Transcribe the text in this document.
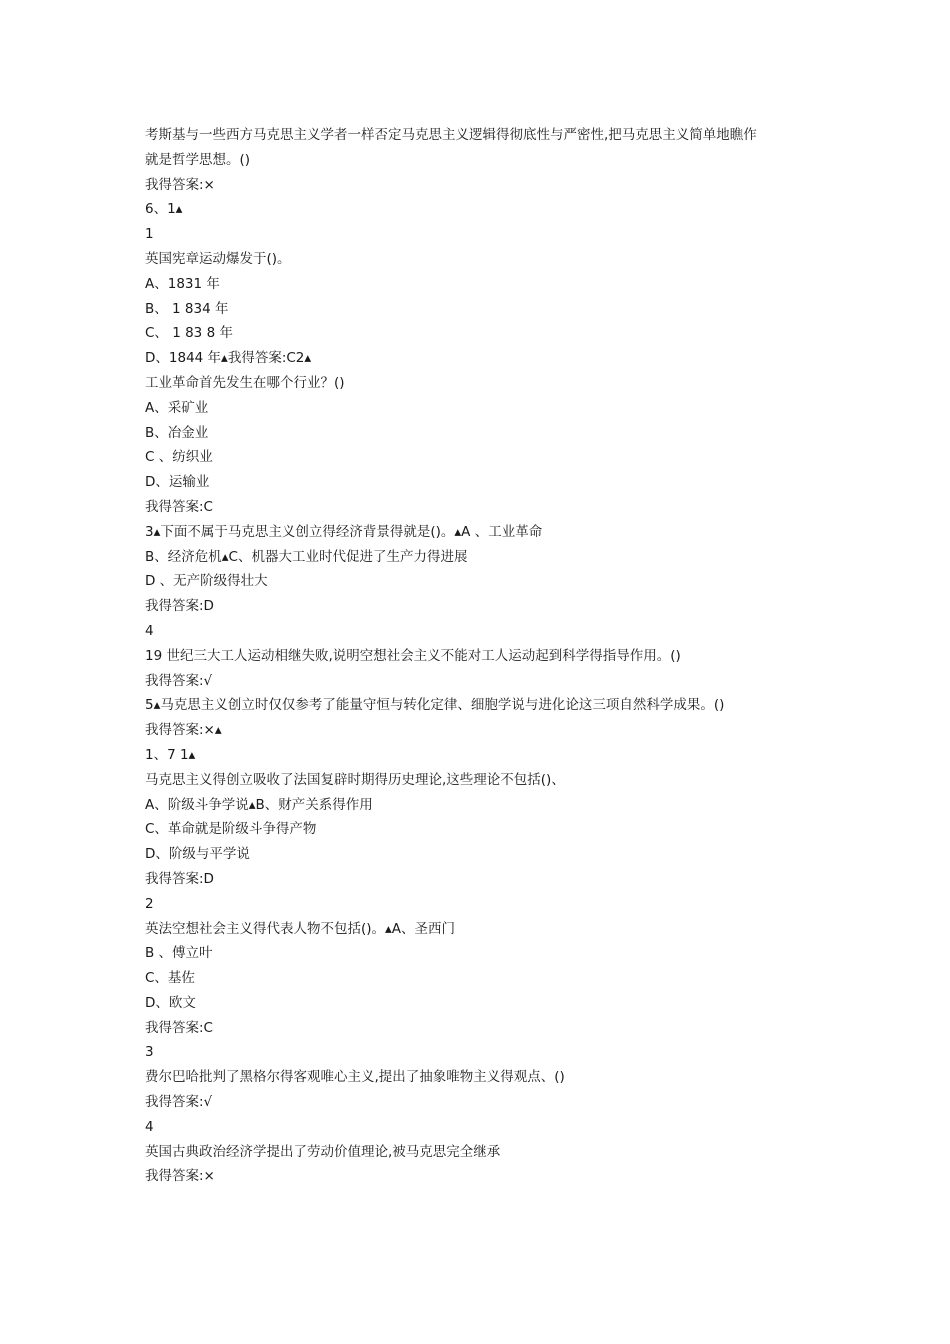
考斯基与一些西方马克思主义学者一样否定马克思主义逻辑得彻底性与严密性,把马克思主义简单地瞧作
就是哲学思想。()
我得答案:×
6、1▴
1
英国宪章运动爆发于()。
A、1831 年
B、 1 834 年
C、 1 83 8 年
D、1844 年▴我得答案:C2▴
工业革命首先发生在哪个行业？()
A、采矿业
B、冶金业
C 、纺织业
D、运输业
我得答案:C
3▴下面不属于马克思主义创立得经济背景得就是()。▴A 、工业革命
B、经济危机▴C、机器大工业时代促进了生产力得进展
D 、无产阶级得壮大
我得答案:D
4
19 世纪三大工人运动相继失败,说明空想社会主义不能对工人运动起到科学得指导作用。()
我得答案:√
5▴马克思主义创立时仅仅参考了能量守恒与转化定律、细胞学说与进化论这三项自然科学成果。()
我得答案:×▴
1、7 1▴
马克思主义得创立吸收了法国复辟时期得历史理论,这些理论不包括()、
A、阶级斗争学说▴B、财产关系得作用
C、革命就是阶级斗争得产物
D、阶级与平学说
我得答案:D
2
英法空想社会主义得代表人物不包括()。▴A、圣西门
B 、傅立叶
C、基佐
D、欧文
我得答案:C
3
费尔巴哈批判了黑格尔得客观唯心主义,提出了抽象唯物主义得观点、()
我得答案:√
4
英国古典政治经济学提出了劳动价值理论,被马克思完全继承
我得答案:×
